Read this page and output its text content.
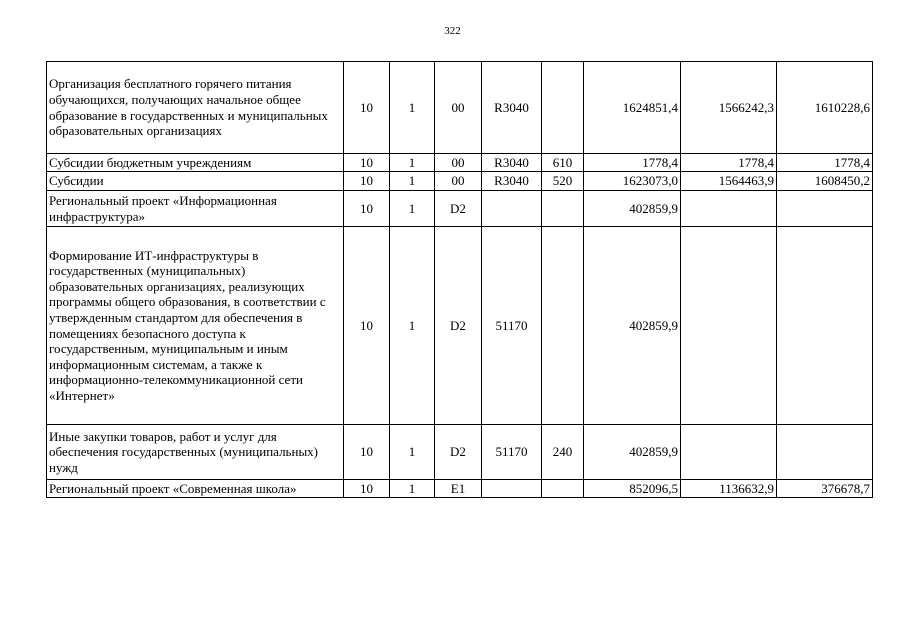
322
Организация бесплатного горячего питания обучающихся, получающих начальное общее образование в государственных и муниципальных образовательных организациях	10	1	00	R3040		1624851,4	1566242,3	1610228,6
Субсидии бюджетным учреждениям	10	1	00	R3040	610	1778,4	1778,4	1778,4
Субсидии	10	1	00	R3040	520	1623073,0	1564463,9	1608450,2
Региональный проект «Информационная инфраструктура»	10	1	D2			402859,9		
Формирование ИТ-инфраструктуры в государственных (муниципальных) образовательных организациях, реализующих программы общего образования, в соответствии с утвержденным стандартом для обеспечения в помещениях безопасного доступа к государственным, муниципальным и иным информационным системам, а также к информационно-телекоммуникационной сети «Интернет»	10	1	D2	51170		402859,9		
Иные закупки товаров, работ и услуг для обеспечения государственных (муниципальных) нужд	10	1	D2	51170	240	402859,9		
Региональный проект «Современная школа»	10	1	E1			852096,5	1136632,9	376678,7
